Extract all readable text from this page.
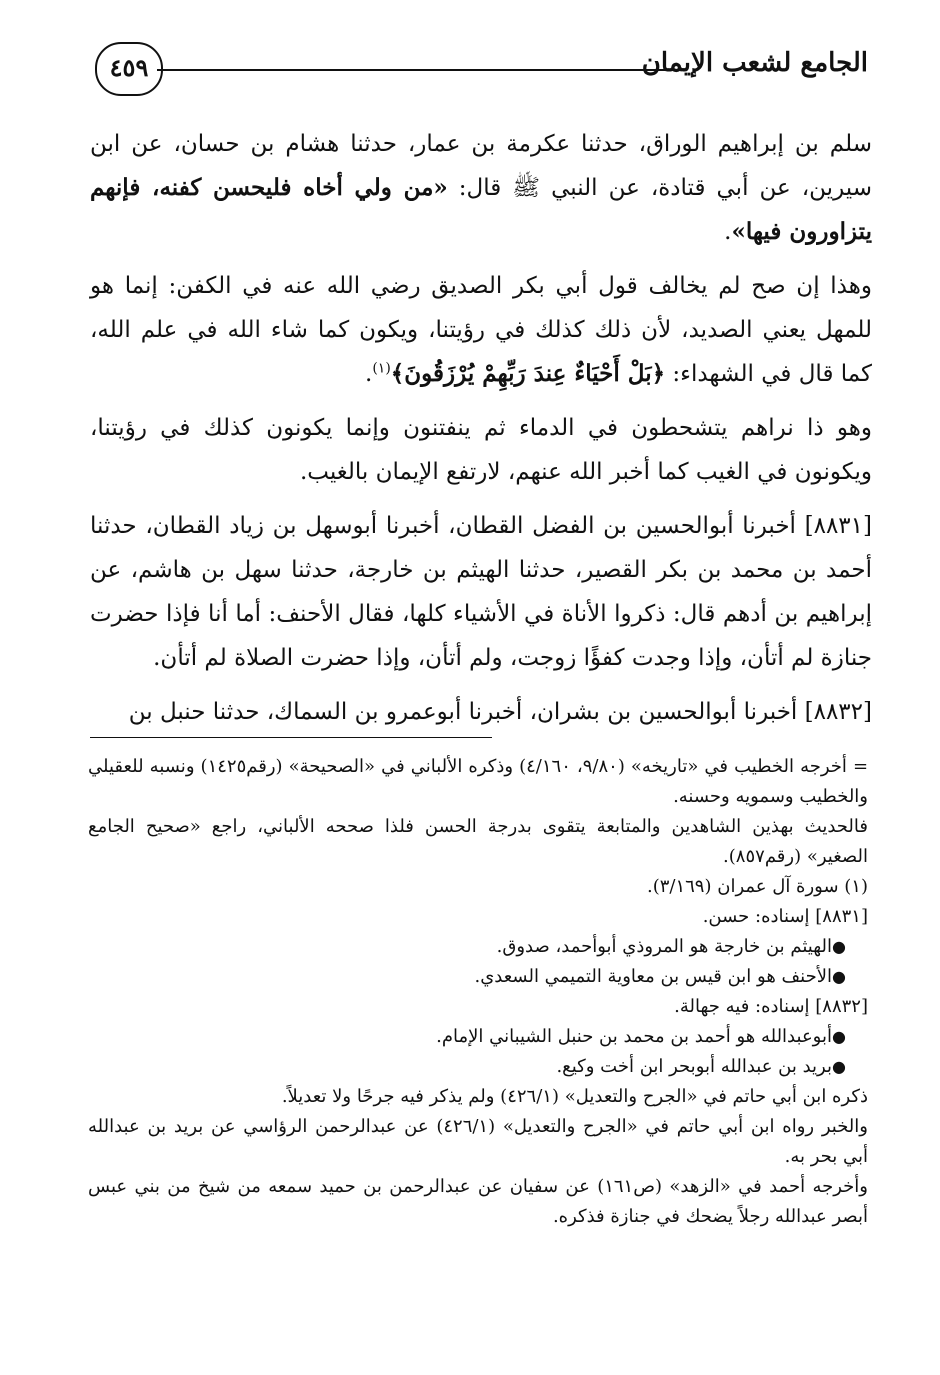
الجامع لشعب الإيمان
٤٥٩

سلم بن إبراهيم الوراق، حدثنا عكرمة بن عمار، حدثنا هشام بن حسان، عن ابن سيرين، عن أبي قتادة، عن النبي ﷺ قال: «من ولي أخاه فليحسن كفنه، فإنهم يتزاورون فيها».

وهذا إن صح لم يخالف قول أبي بكر الصديق رضي الله عنه في الكفن: إنما هو للمهل يعني الصديد، لأن ذلك كذلك في رؤيتنا، ويكون كما شاء الله في علم الله، كما قال في الشهداء: ﴿بَلْ أَحْيَاءٌ عِندَ رَبِّهِمْ يُرْزَقُونَ﴾$^{(١)}$.

وهو ذا نراهم يتشحطون في الدماء ثم ينفتنون وإنما يكونون كذلك في رؤيتنا، ويكونون في الغيب كما أخبر الله عنهم، لارتفع الإيمان بالغيب.

[٨٨٣١] أخبرنا أبوالحسين بن الفضل القطان، أخبرنا أبوسهل بن زياد القطان، حدثنا أحمد بن محمد بن بكر القصير، حدثنا الهيثم بن خارجة، حدثنا سهل بن هاشم، عن إبراهيم بن أدهم قال: ذكروا الأناة في الأشياء كلها، فقال الأحنف: أما أنا فإذا حضرت جنازة لم أتأن، وإذا وجدت كفؤًا زوجت، ولم أتأن، وإذا حضرت الصلاة لم أتأن.

[٨٨٣٢] أخبرنا أبوالحسين بن بشران، أخبرنا أبوعمرو بن السماك، حدثنا حنبل بن

= أخرجه الخطيب في «تاريخه» (٩/٨٠، ٤/١٦٠) وذكره الألباني في «الصحيحة» (رقم١٤٢٥) ونسبه للعقيلي والخطيب وسمويه وحسنه.

فالحديث بهذين الشاهدين والمتابعة يتقوى بدرجة الحسن فلذا صححه الألباني، راجع «صحيح الجامع الصغير» (رقم٨٥٧).

(١) سورة آل عمران (٣/١٦٩).

[٨٨٣١] إسناده: حسن.

●
الهيثم بن خارجة هو المروذي أبوأحمد، صدوق.

●
الأحنف هو ابن قيس بن معاوية التميمي السعدي.

[٨٨٣٢] إسناده: فيه جهالة.

●
أبوعبدالله هو أحمد بن محمد بن حنبل الشيباني الإمام.

●
بريد بن عبدالله أبوبحر ابن أخت وكيع.

ذكره ابن أبي حاتم في «الجرح والتعديل» (٤٢٦/١) ولم يذكر فيه جرحًا ولا تعديلاً.

والخبر رواه ابن أبي حاتم في «الجرح والتعديل» (٤٢٦/١) عن عبدالرحمن الرؤاسي عن بريد بن عبدالله أبي بحر به.

وأخرجه أحمد في «الزهد» (ص١٦١) عن سفيان عن عبدالرحمن بن حميد سمعه من شيخ من بني عبس أبصر عبدالله رجلاً يضحك في جنازة فذكره.
